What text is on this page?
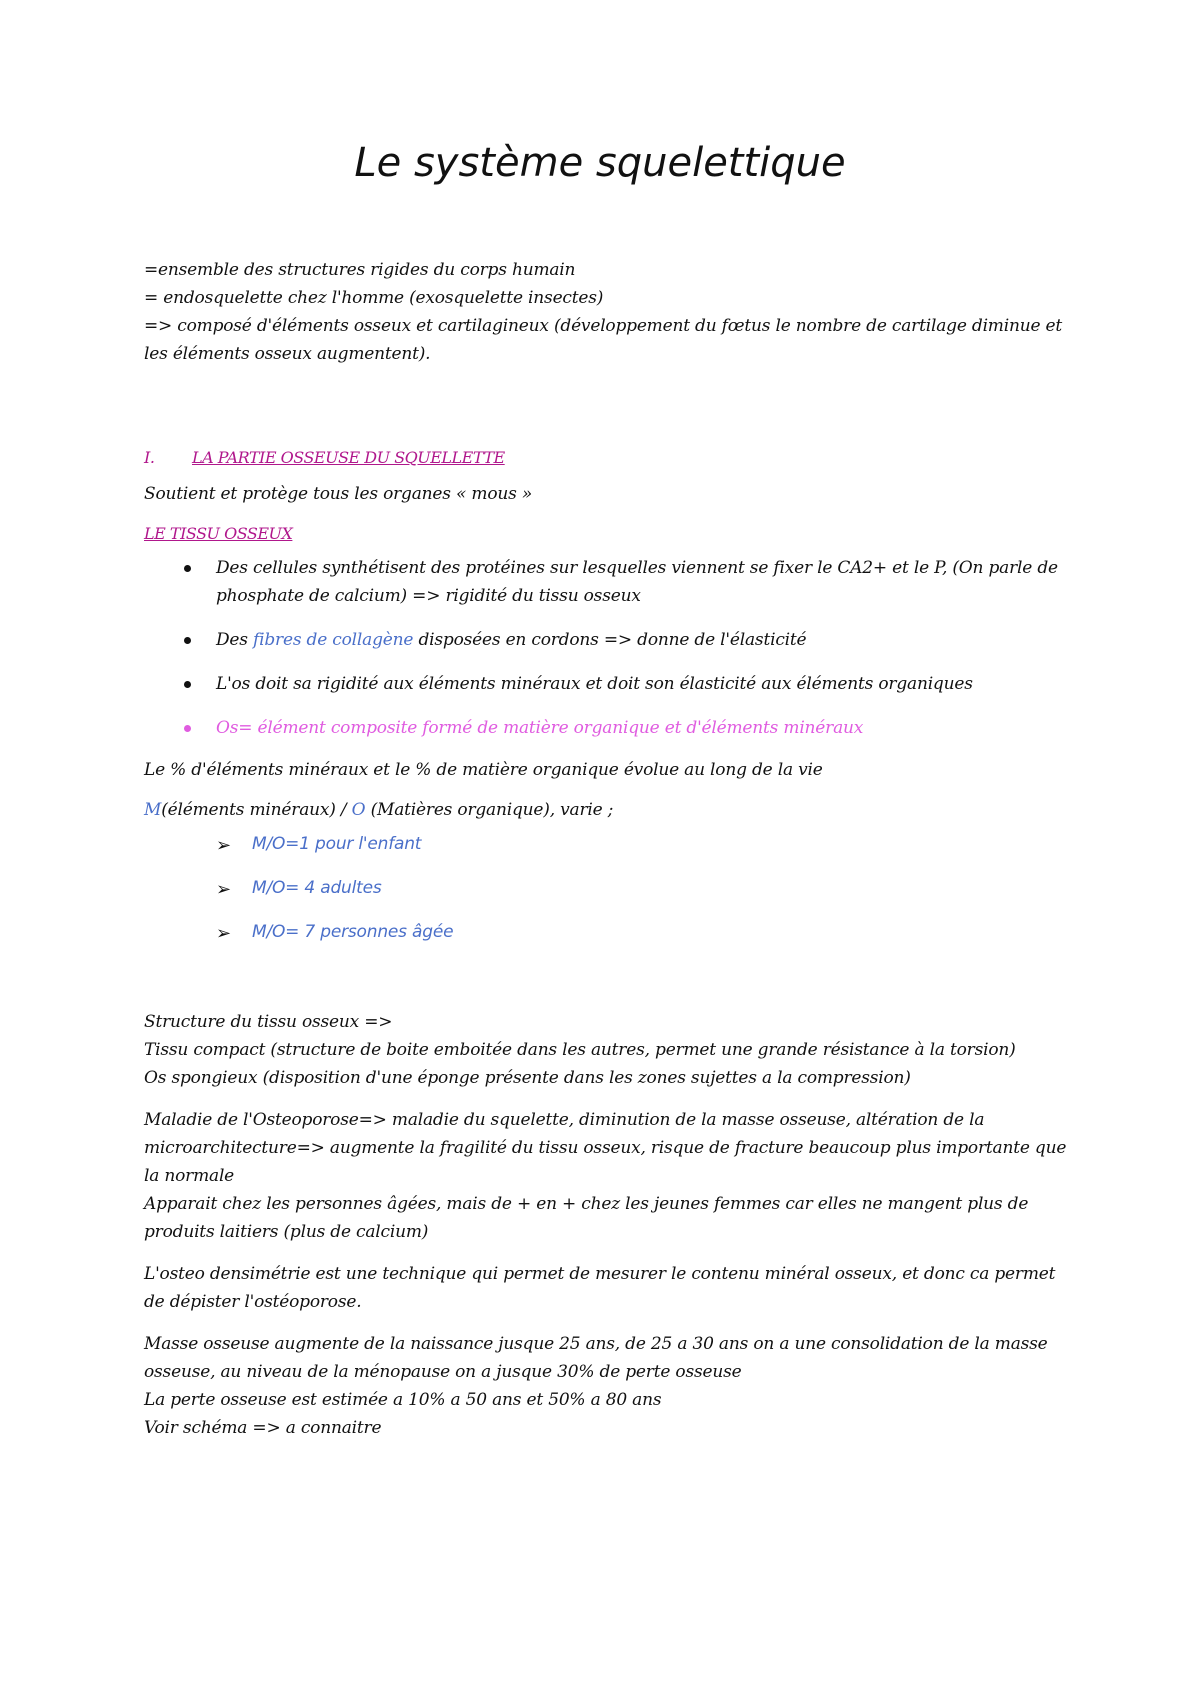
Le système squelettique

=ensemble des structures rigides du corps humain

= endosquelette chez l'homme (exosquelette insectes)

=> composé d'éléments osseux et cartilagineux (développement du fœtus le nombre de cartilage diminue et les éléments osseux augmentent).

I. LA PARTIE OSSEUSE DU SQUELLETTE

Soutient et protège tous les organes « mous »

LE TISSU OSSEUX

Des cellules synthétisent des protéines sur lesquelles viennent se fixer le CA2+ et le P, (On parle de phosphate de calcium) => rigidité du tissu osseux
Des fibres de collagène disposées en cordons => donne de l'élasticité
L'os doit sa rigidité aux éléments minéraux et doit son élasticité aux éléments organiques
Os= élément composite formé de matière organique et d'éléments minéraux

Le % d'éléments minéraux et le % de matière organique évolue au long de la vie

M(éléments minéraux) / O (Matières organique), varie ;

➢ M/O=1 pour l'enfant
➢ M/O= 4 adultes
➢ M/O= 7 personnes âgée

Structure du tissu osseux =>

Tissu compact (structure de boite emboitée dans les autres, permet une grande résistance à la torsion)

Os spongieux (disposition d'une éponge présente dans les zones sujettes a la compression)

Maladie de l'Osteoporose=> maladie du squelette, diminution de la masse osseuse, altération de la microarchitecture=> augmente la fragilité du tissu osseux, risque de fracture beaucoup plus importante que la normale

Apparait chez les personnes âgées, mais de + en + chez les jeunes femmes car elles ne mangent plus de produits laitiers (plus de calcium)

L'osteo densimétrie est une technique qui permet de mesurer le contenu minéral osseux, et donc ca permet de dépister l'ostéoporose.

Masse osseuse augmente de la naissance jusque 25 ans, de 25 a 30 ans on a une consolidation de la masse osseuse, au niveau de la ménopause on a jusque 30% de perte osseuse

La perte osseuse est estimée a 10% a 50 ans et 50% a 80 ans

Voir schéma => a connaitre
